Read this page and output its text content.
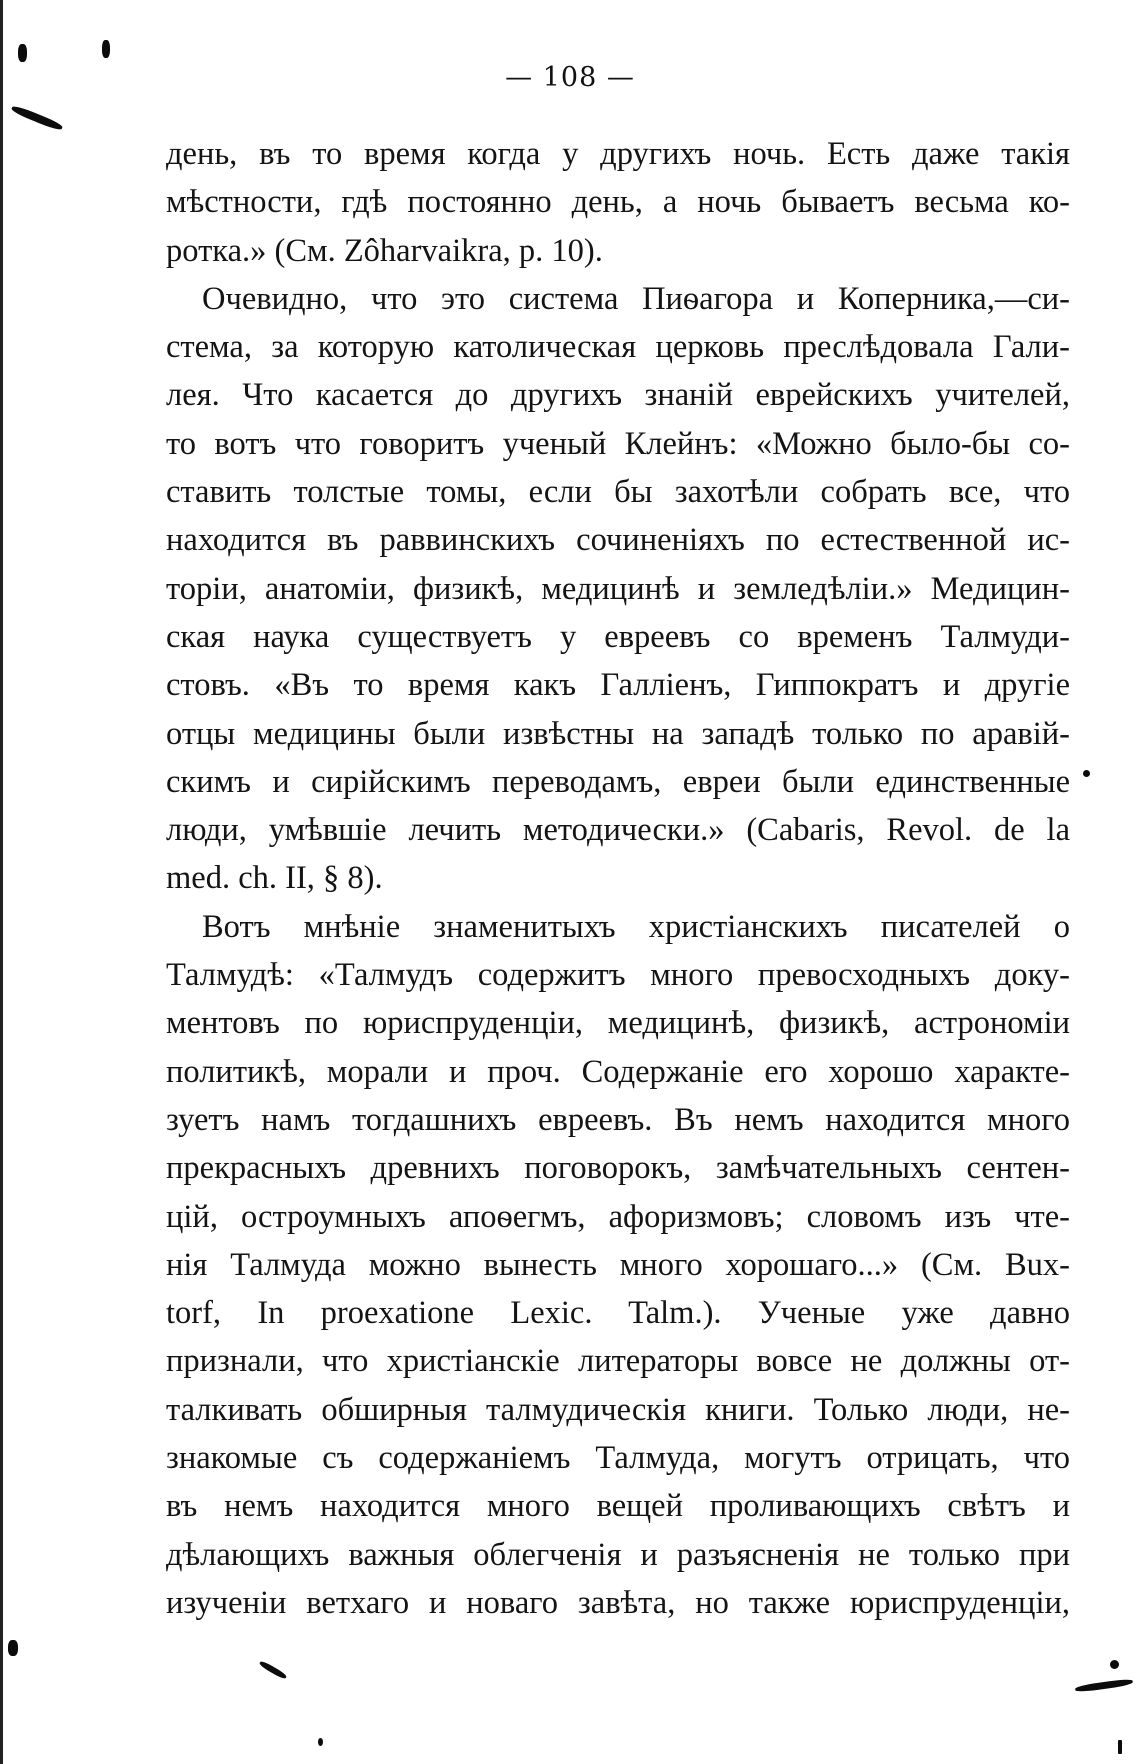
— 108 —
день, въ то время когда у другихъ ночь. Есть даже такія
мѣстности, гдѣ постоянно день, а ночь бываетъ весьма ко-
ротка.» (См. Zôharvaikra, p. 10).
Очевидно, что это система Пиѳагора и Коперника,—си-
стема, за которую католическая церковь преслѣдовала Гали-
лея. Что касается до другихъ знаній еврейскихъ учителей,
то вотъ что говоритъ ученый Клейнъ: «Можно было-бы со-
ставить толстые томы, если бы захотѣли собрать все, что
находится въ раввинскихъ сочиненіяхъ по естественной ис-
торіи, анатоміи, физикѣ, медицинѣ и земледѣліи.» Медицин-
ская наука существуетъ у евреевъ со временъ Талмуди-
стовъ. «Въ то время какъ Галліенъ, Гиппократъ и другіе
отцы медицины были извѣстны на западѣ только по аравій-
скимъ и сирійскимъ переводамъ, евреи были единственные
люди, умѣвшіе лечить методически.» (Cabaris, Revol. de la
med. ch. II, § 8).
Вотъ мнѣніе знаменитыхъ христіанскихъ писателей о
Талмудѣ: «Талмудъ содержитъ много превосходныхъ доку-
ментовъ по юриспруденціи, медицинѣ, физикѣ, астрономіи
политикѣ, морали и проч. Содержаніе его хорошо характе-
зуетъ намъ тогдашнихъ евреевъ. Въ немъ находится много
прекрасныхъ древнихъ поговорокъ, замѣчательныхъ сентен-
цій, остроумныхъ апоѳегмъ, афоризмовъ; словомъ изъ чте-
нія Талмуда можно вынесть много хорошаго...» (См. Bux-
torf, In proexatione Lexic. Talm.). Ученые уже давно
признали, что христіанскіе литераторы вовсе не должны от-
талкивать обширныя талмудическія книги. Только люди, не-
знакомые съ содержаніемъ Талмуда, могутъ отрицать, что
въ немъ находится много вещей проливающихъ свѣтъ и
дѣлающихъ важныя облегченія и разъясненія не только при
изученіи ветхаго и новаго завѣта, но также юриспруденціи,
